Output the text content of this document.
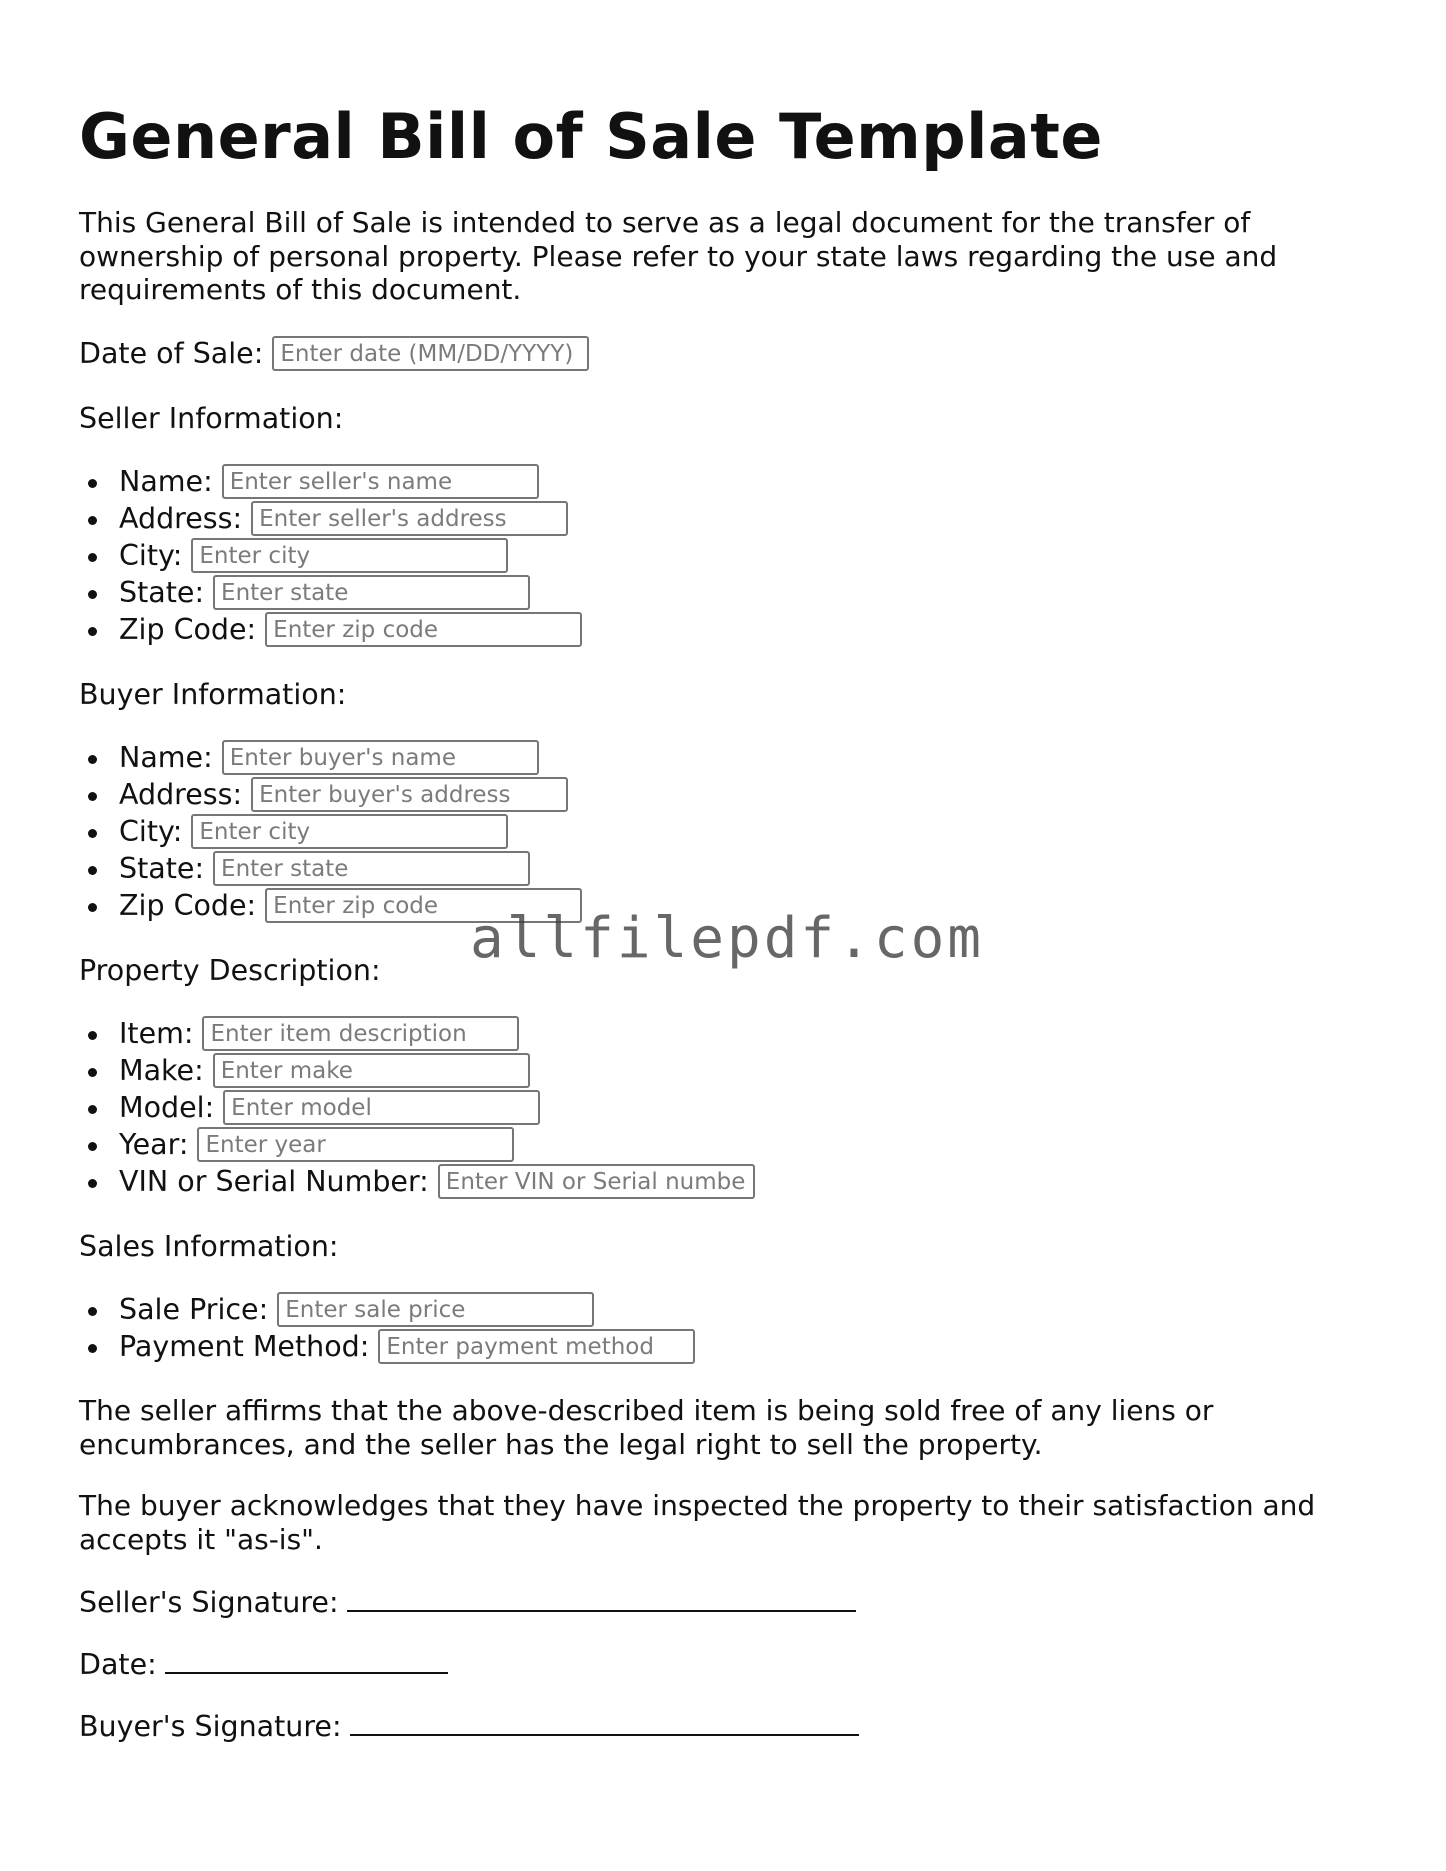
General Bill of Sale Template

This General Bill of Sale is intended to serve as a legal document for the transfer of ownership of personal property. Please refer to your state laws regarding the use and requirements of this document.

Date of Sale:
Enter date (MM/DD/YYYY)
Seller Information:
Name:
Enter seller's name
Address:
Enter seller's address
City:
Enter city
State:
Enter state
Zip Code:
Enter zip code
Buyer Information:
Name:
Enter buyer's name
Address:
Enter buyer's address
City:
Enter city
State:
Enter state
Zip Code:
Enter zip code
Property Description:
Item:
Enter item description
Make:
Enter make
Model:
Enter model
Year:
Enter year
VIN or Serial Number:
Enter VIN or Serial number
Sales Information:
Sale Price:
Enter sale price
Payment Method:
Enter payment method

The seller affirms that the above-described item is being sold free of any liens or encumbrances, and the seller has the legal right to sell the property.

The buyer acknowledges that they have inspected the property to their satisfaction and accepts it "as-is".

Seller's Signature:
Date:
Buyer's Signature:
allfilepdf.com
